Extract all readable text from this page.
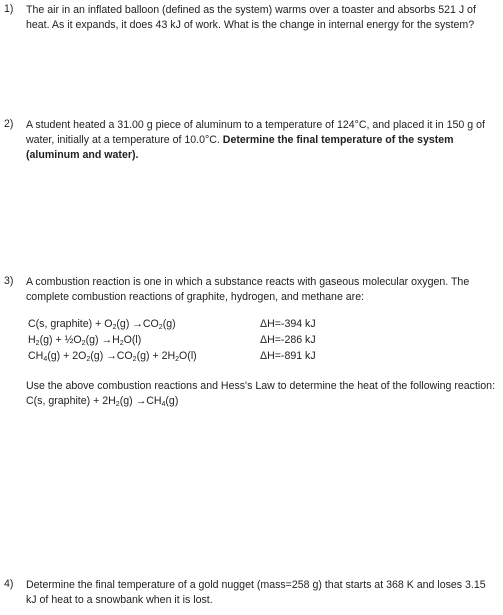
1) The air in an inflated balloon (defined as the system) warms over a toaster and absorbs 521 J of heat. As it expands, it does 43 kJ of work. What is the change in internal energy for the system?

2) A student heated a 31.00 g piece of aluminum to a temperature of 124°C, and placed it in 150 g of water, initially at a temperature of 10.0°C. Determine the final temperature of the system (aluminum and water).

3) A combustion reaction is one in which a substance reacts with gaseous molecular oxygen. The complete combustion reactions of graphite, hydrogen, and methane are:

C(s, graphite) + $O_2(g) \to CO_2(g)$	ΔH=-394 kJ
$H_2(g)$ + $\frac{1}{2}O_2(g) \to H_2O(l)$	ΔH=-286 kJ
$CH_4(g) + 2O_2(g) \to CO_2(g) + 2H_2O(l)$	ΔH=-891 kJ

Use the above combustion reactions and Hess's Law to determine the heat of the following reaction:

C(s, graphite) + $2H_2(g) \to CH_4(g)$

4) Determine the final temperature of a gold nugget (mass=258 g) that starts at 368 K and loses 3.15 kJ of heat to a snowbank when it is lost.
